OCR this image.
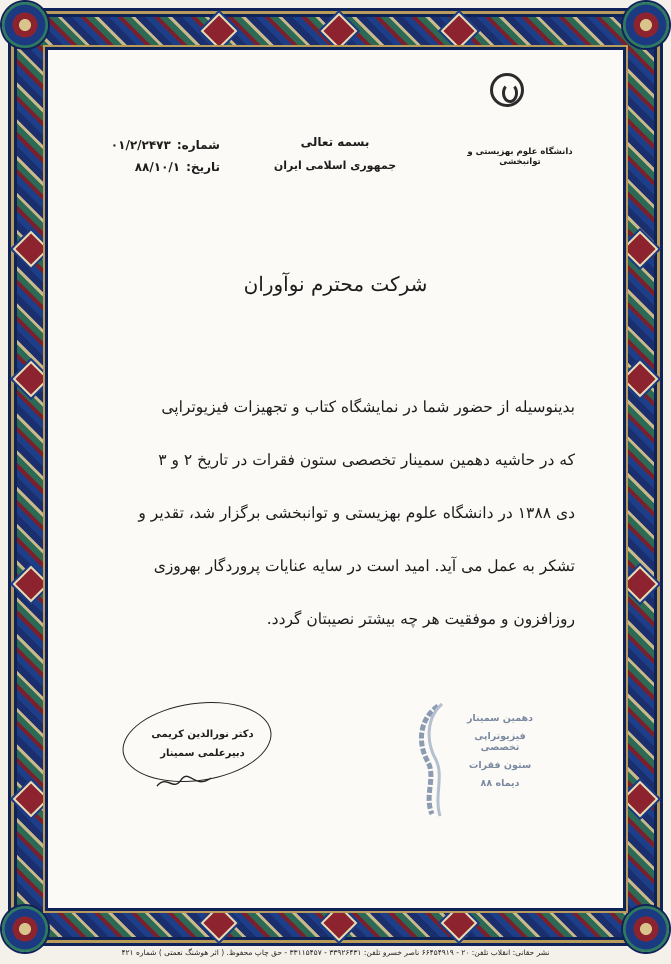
دانشگاه علوم بهزیستی و توانبخشی
بسمه تعالی
جمهوری اسلامی ایران
شماره:
۰۱/۲/۲۴۷۳
تاریخ:
۸۸/۱۰/۱
شرکت محترم نوآوران
بدینوسیله از حضور شما در نمایشگاه کتاب و تجهیزات فیزیوتراپی
که در حاشیه دهمین سمینار تخصصی ستون فقرات در تاریخ ۲ و ۳
دی ۱۳۸۸ در دانشگاه علوم بهزیستی و توانبخشی برگزار شد، تقدیر و
تشکر به عمل می آید. امید است در سایه عنایات پروردگار بهروزی
روزافزون و موفقیت هر چه بیشتر نصیبتان گردد.
دکتر نورالدین کریمی
دبیرعلمی سمینار
دهمین سمینار
فیزیوتراپی تخصصی
ستون فقرات
دیماه ۸۸
نشر حقانی: انقلاب تلفن: ۲۰ - ۶۶۴۵۴۹۱۹ ناصر خسرو تلفن: ۳۳۹۲۶۴۳۱ - ۳۳۱۱۵۴۵۷ - حق چاپ محفوظ. ( اثر هوشنگ نعمتی ) شماره ۴۲۱
